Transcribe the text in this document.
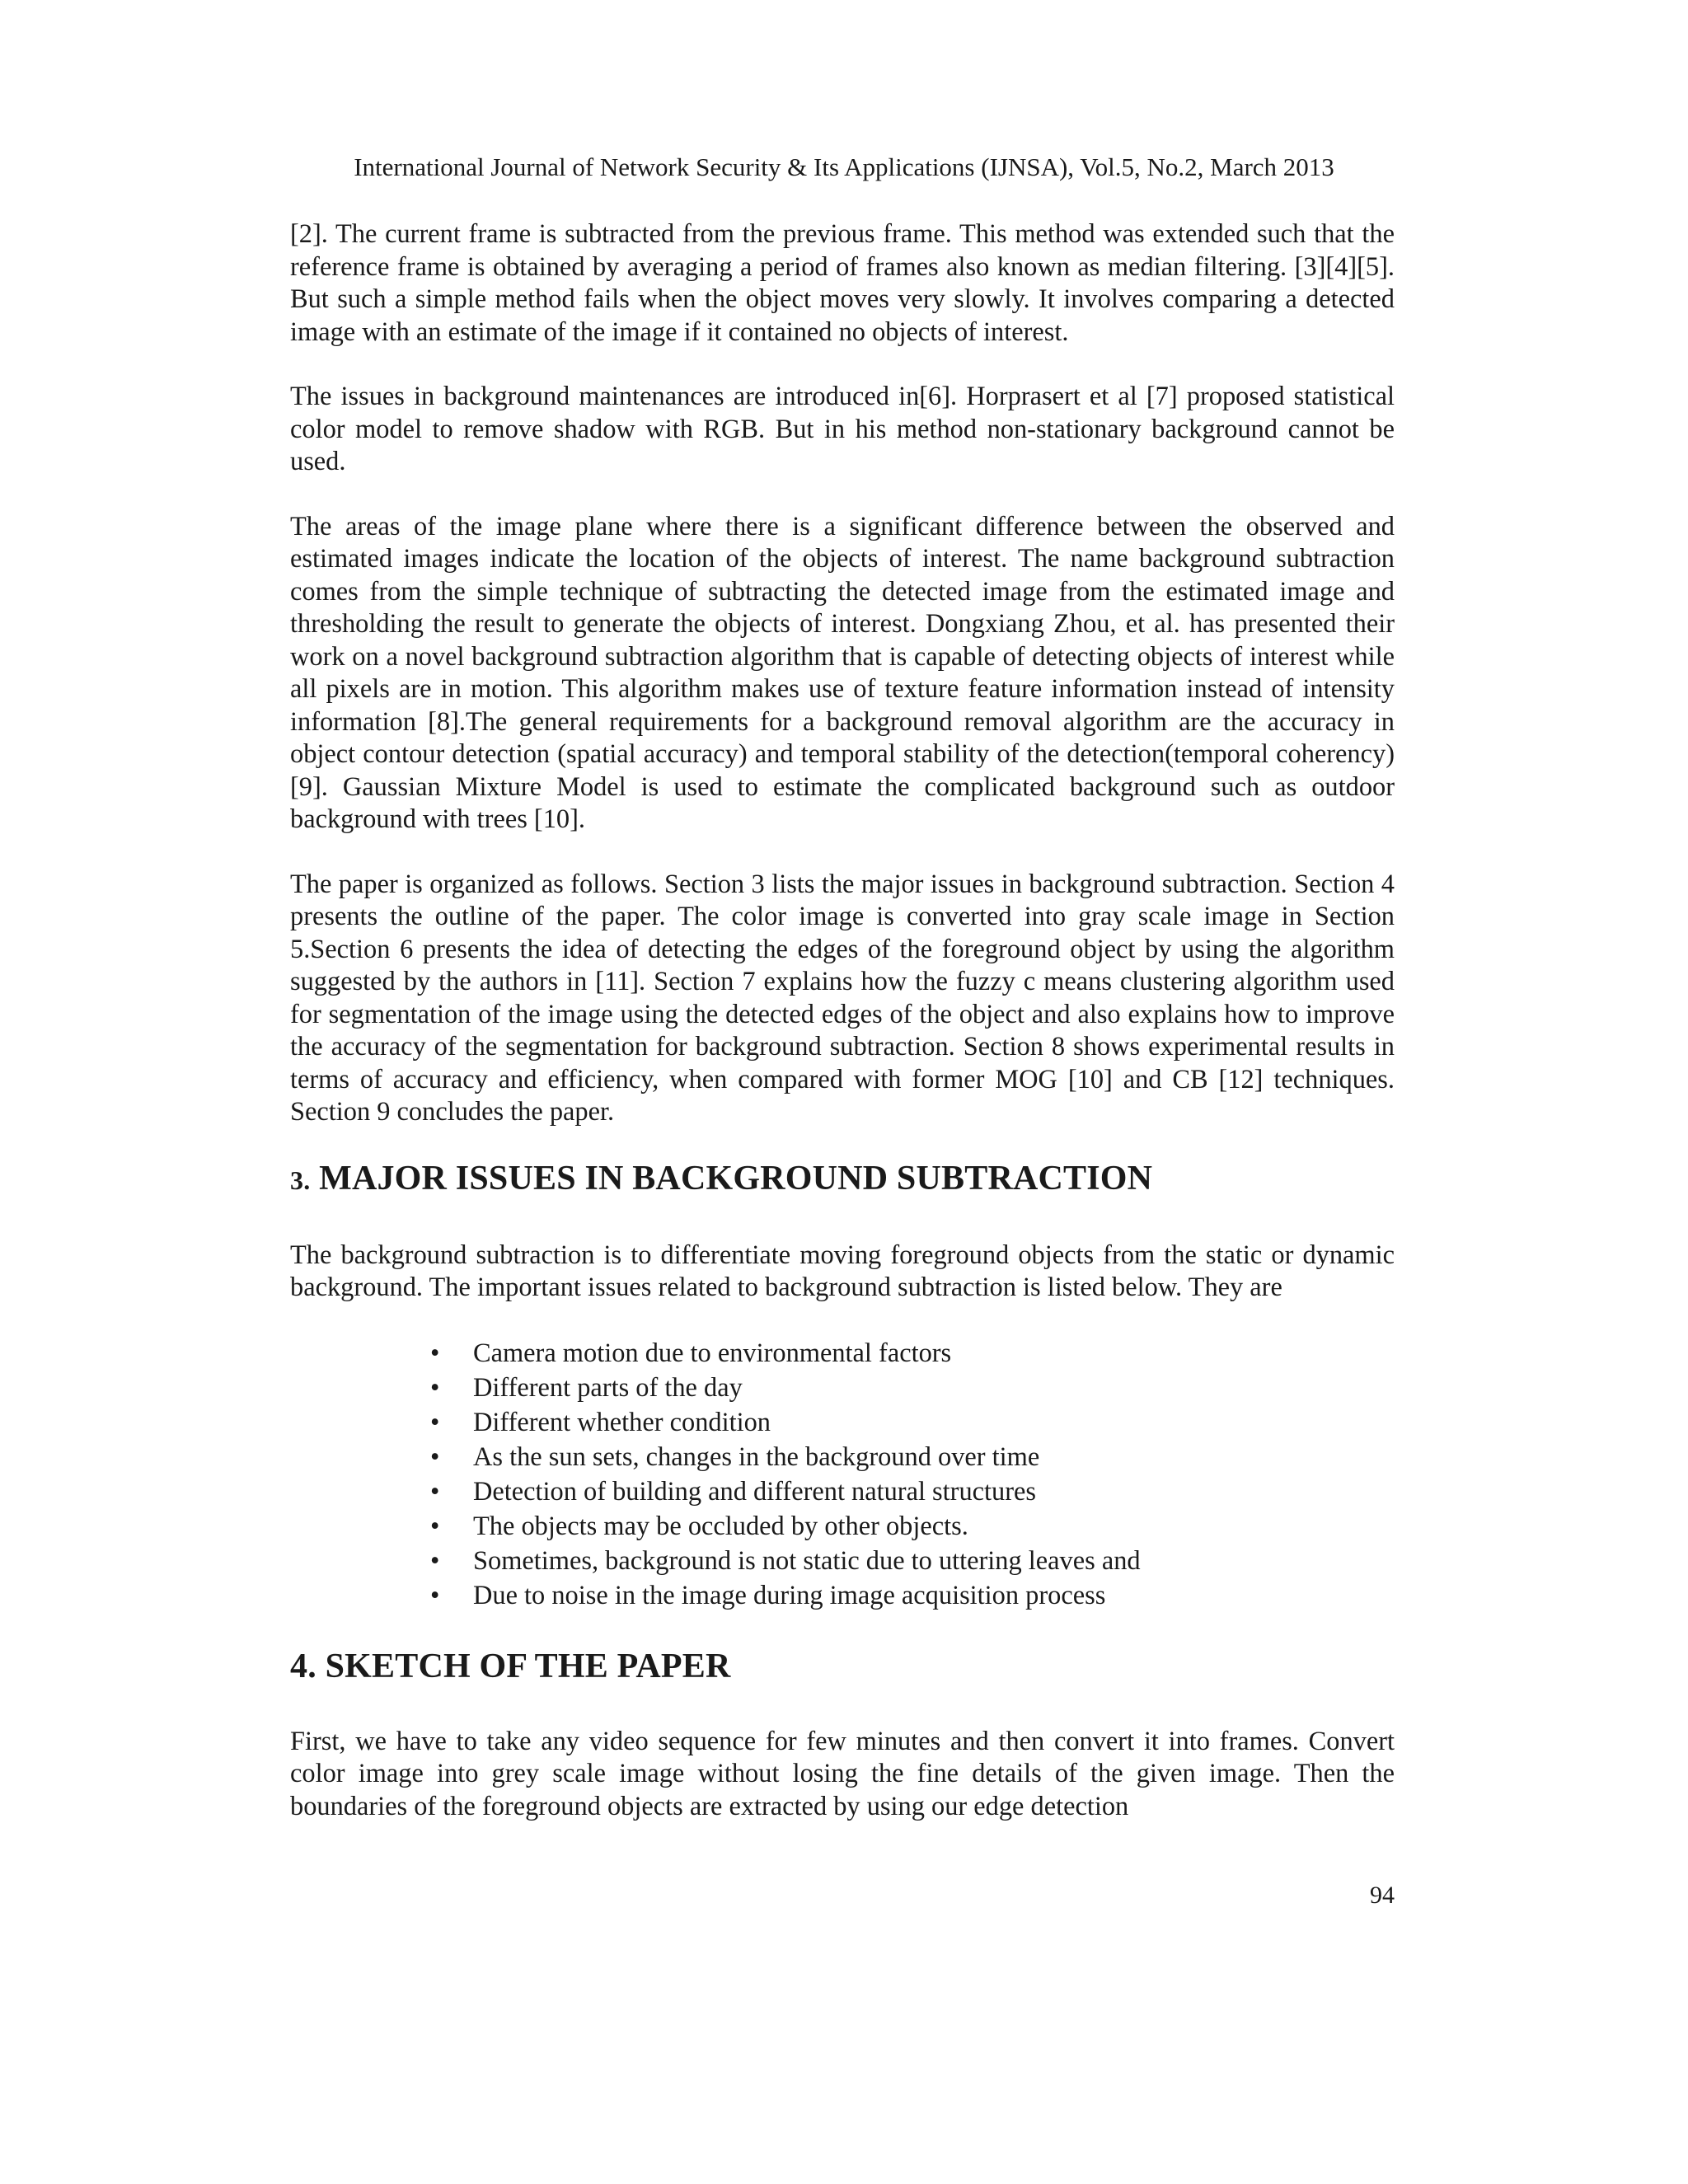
International Journal of Network Security & Its Applications (IJNSA), Vol.5, No.2, March 2013

[2]. The current frame is subtracted from the previous frame. This method was extended such that the reference frame is obtained by averaging a period of frames also known as median filtering. [3][4][5]. But such a simple method fails when the object moves very slowly. It involves comparing a detected image with an estimate of the image if it contained no objects of interest.

The issues in background maintenances are introduced in[6]. Horprasert et al [7] proposed statistical color model to remove shadow with RGB. But in his method non-stationary background cannot be used.

The areas of the image plane where there is a significant difference between the observed and estimated images indicate the location of the objects of interest. The name background subtraction comes from the simple technique of subtracting the detected image from the estimated image and thresholding the result to generate the objects of interest. Dongxiang Zhou, et al. has presented their work on a novel background subtraction algorithm that is capable of detecting objects of interest while all pixels are in motion. This algorithm makes use of texture feature information instead of intensity information [8].The general requirements for a background removal algorithm are the accuracy in object contour detection (spatial accuracy) and temporal stability of the detection(temporal coherency)[9]. Gaussian Mixture Model is used to estimate the complicated background such as outdoor background with trees [10].

The paper is organized as follows. Section 3 lists the major issues in background subtraction. Section 4 presents the outline of the paper. The color image is converted into gray scale image in Section 5.Section 6 presents the idea of detecting the edges of the foreground object by using the algorithm suggested by the authors in [11]. Section 7 explains how the fuzzy c means clustering algorithm used for segmentation of the image using the detected edges of the object and also explains how to improve the accuracy of the segmentation for background subtraction. Section 8 shows experimental results in terms of accuracy and efficiency, when compared with former MOG [10] and CB [12] techniques. Section 9 concludes the paper.

3. MAJOR ISSUES IN BACKGROUND SUBTRACTION

The background subtraction is to differentiate moving foreground objects from the static or dynamic background. The important issues related to background subtraction is listed below. They are

• Camera motion due to environmental factors
• Different parts of the day
• Different whether condition
• As the sun sets, changes in the background over time
• Detection of building and different natural structures
• The objects may be occluded by other objects.
• Sometimes, background is not static due to uttering leaves and
• Due to noise in the image during image acquisition process
4. SKETCH OF THE PAPER

First, we have to take any video sequence for few minutes and then convert it into frames. Convert color image into grey scale image without losing the fine details of the given image. Then the boundaries of the foreground objects are extracted by using our edge detection

94
